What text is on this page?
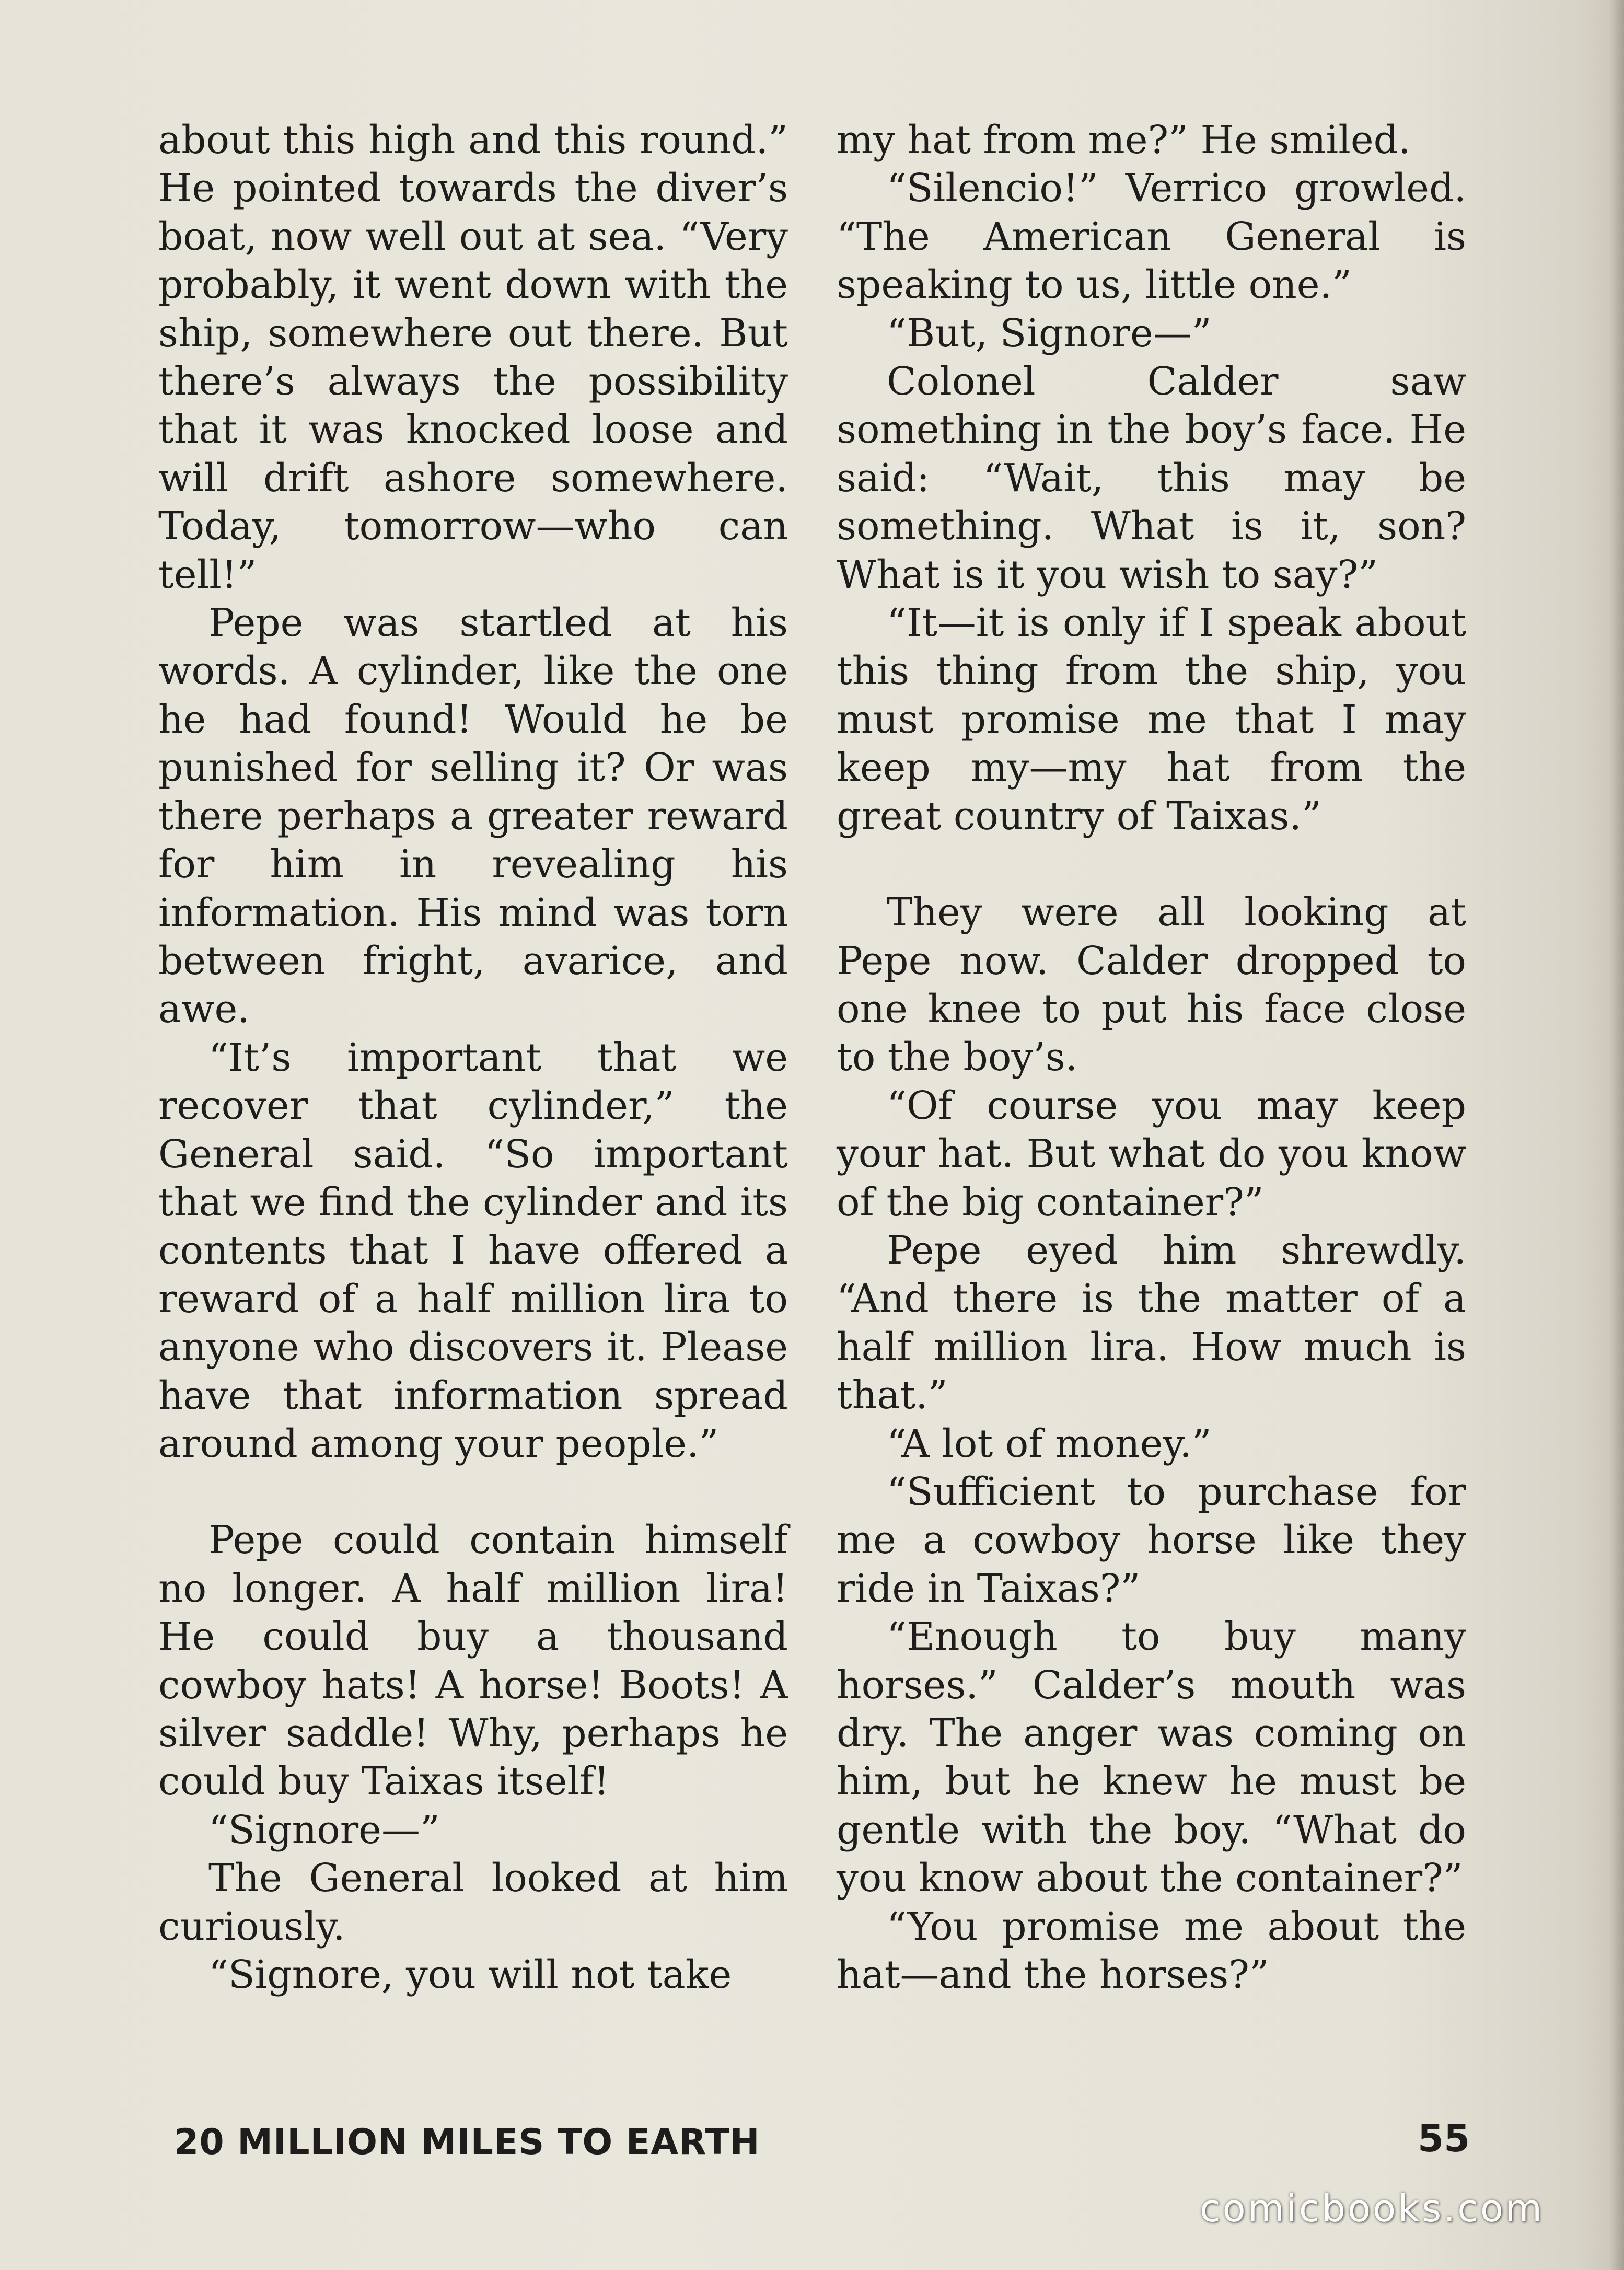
about this high and this round.” He pointed towards the diver’s boat, now well out at sea. “Very probably, it went down with the ship, somewhere out there. But there’s always the possibility that it was knocked loose and will drift ashore somewhere. Today, tomorrow—who can tell!”

Pepe was startled at his words. A cylinder, like the one he had found! Would he be punished for selling it? Or was there perhaps a greater reward for him in revealing his information. His mind was torn between fright, avarice, and awe.

“It’s important that we recover that cylinder,” the General said. “So important that we find the cylinder and its contents that I have offered a reward of a half million lira to anyone who discovers it. Please have that information spread around among your people.”

Pepe could contain himself no longer. A half million lira! He could buy a thousand cowboy hats! A horse! Boots! A silver saddle! Why, perhaps he could buy Taixas itself!

“Signore—”

The General looked at him curiously.

“Signore, you will not take

my hat from me?” He smiled.

“Silencio!” Verrico growled. “The American General is speaking to us, little one.”

“But, Signore—”

Colonel Calder saw something in the boy’s face. He said: “Wait, this may be something. What is it, son? What is it you wish to say?”

“It—it is only if I speak about this thing from the ship, you must promise me that I may keep my—my hat from the great country of Taixas.”

They were all looking at Pepe now. Calder dropped to one knee to put his face close to the boy’s.

“Of course you may keep your hat. But what do you know of the big container?”

Pepe eyed him shrewdly. “And there is the matter of a half million lira. How much is that.”

“A lot of money.”

“Sufficient to purchase for me a cowboy horse like they ride in Taixas?”

“Enough to buy many horses.” Calder’s mouth was dry. The anger was coming on him, but he knew he must be gentle with the boy. “What do you know about the container?”

“You promise me about the hat—and the horses?”

20 MILLION MILES TO EARTH	55
comicbooks.com
